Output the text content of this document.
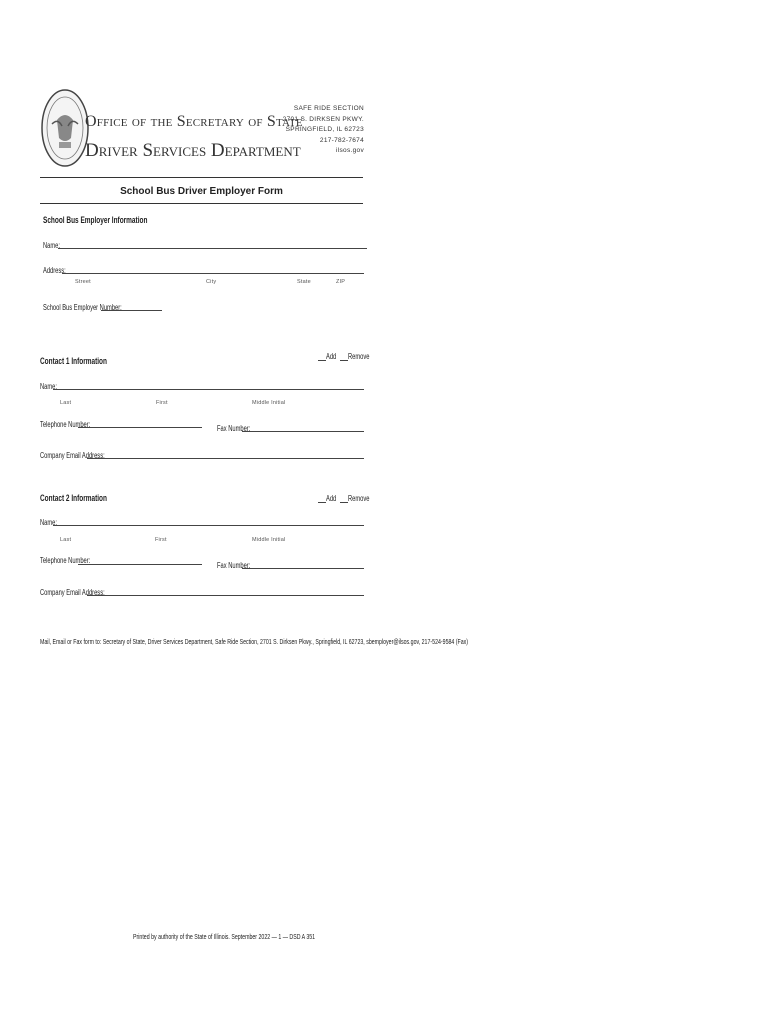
Office of the Secretary of State
Driver Services Department
SAFE RIDE SECTION
2701 S. DIRKSEN PKWY.
SPRINGFIELD, IL 62723
217-782-7674
ilsos.gov
School Bus Driver Employer Form
School Bus Employer Information
Name:
Address:
Street	City	State	ZIP
School Bus Employer Number:
Contact 1 Information	Add Remove
Name:
Last	First	Middle Initial
Telephone Number:	Fax Number:
Company Email Address:
Contact 2 Information	Add Remove
Name:
Last	First	Middle Initial
Telephone Number:
Fax Number:
Company Email Address:
Mail, Email or Fax form to: Secretary of State, Driver Services Department, Safe Ride Section, 2701 S. Dirksen Pkwy., Springfield, IL 62723, sbemployer@ilsos.gov, 217-524-9584 (Fax)
Printed by authority of the State of Illinois. September 2022 — 1 — DSD A 351
